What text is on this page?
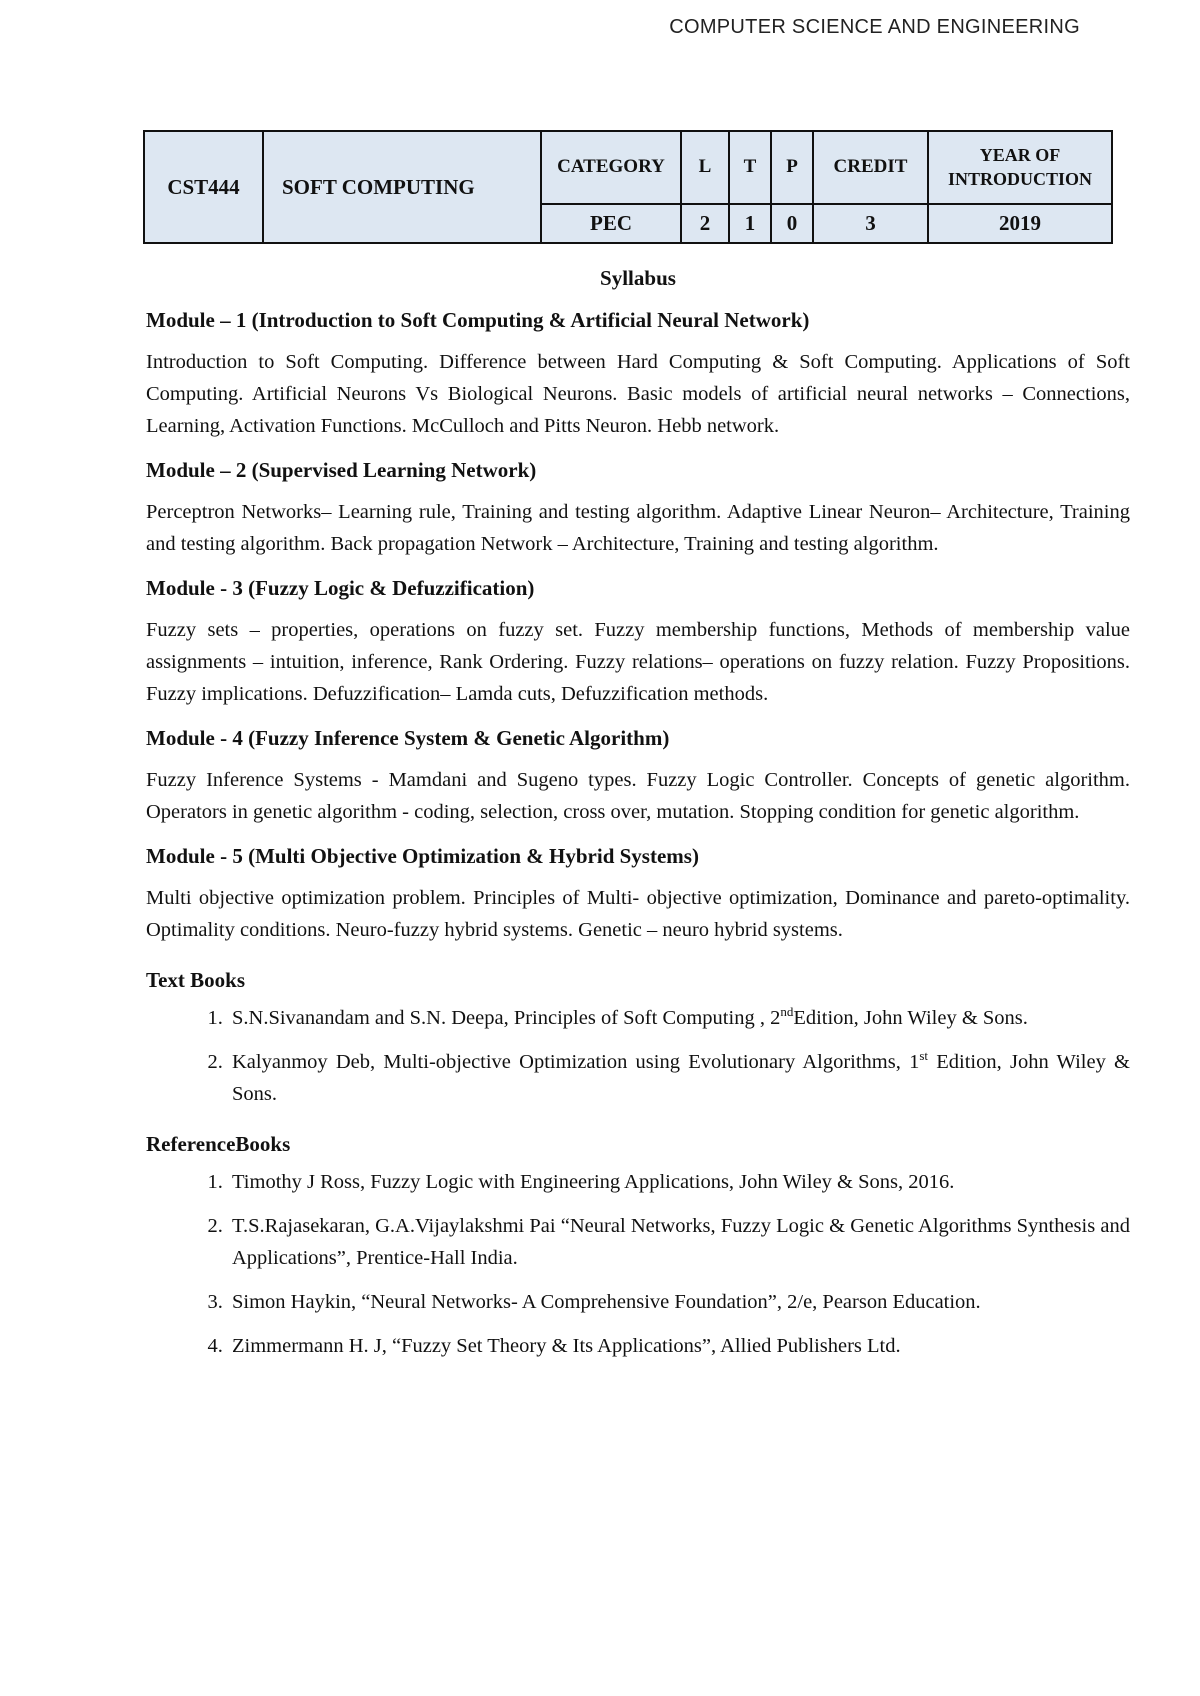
COMPUTER SCIENCE AND ENGINEERING
CST444	SOFT COMPUTING	CATEGORY	L	T	P	CREDIT	YEAR OF
INTRODUCTION
		PEC	2	1	0	3	2019
Syllabus
Module – 1 (Introduction to Soft Computing & Artificial Neural Network)
Introduction to Soft Computing. Difference between Hard Computing & Soft Computing. Applications of Soft Computing. Artificial Neurons Vs Biological Neurons. Basic models of artificial neural networks – Connections, Learning, Activation Functions. McCulloch and Pitts Neuron. Hebb network.
Module – 2 (Supervised Learning Network)
Perceptron Networks– Learning rule, Training and testing algorithm. Adaptive Linear Neuron– Architecture, Training and testing algorithm. Back propagation Network – Architecture, Training and testing algorithm.
Module - 3 (Fuzzy Logic & Defuzzification)
Fuzzy sets – properties, operations on fuzzy set. Fuzzy membership functions, Methods of membership value assignments – intuition, inference, Rank Ordering. Fuzzy relations– operations on fuzzy relation. Fuzzy Propositions. Fuzzy implications. Defuzzification– Lamda cuts, Defuzzification methods.
Module - 4 (Fuzzy Inference System & Genetic Algorithm)
Fuzzy Inference Systems - Mamdani and Sugeno types. Fuzzy Logic Controller. Concepts of genetic algorithm. Operators in genetic algorithm - coding, selection, cross over, mutation. Stopping condition for genetic algorithm.
Module - 5 (Multi Objective Optimization & Hybrid Systems)
Multi objective optimization problem. Principles of Multi- objective optimization, Dominance and pareto-optimality. Optimality conditions. Neuro-fuzzy hybrid systems. Genetic – neuro hybrid systems.
Text Books
1. S.N.Sivanandam and S.N. Deepa, Principles of Soft Computing , 2ndEdition, John Wiley & Sons.
2. Kalyanmoy Deb, Multi-objective Optimization using Evolutionary Algorithms, 1st Edition, John Wiley & Sons.
ReferenceBooks
1. Timothy J Ross, Fuzzy Logic with Engineering Applications, John Wiley & Sons, 2016.
2. T.S.Rajasekaran, G.A.Vijaylakshmi Pai “Neural Networks, Fuzzy Logic & Genetic Algorithms Synthesis and Applications”, Prentice-Hall India.
3. Simon Haykin, “Neural Networks- A Comprehensive Foundation”, 2/e, Pearson Education.
4. Zimmermann H. J, “Fuzzy Set Theory & Its Applications”, Allied Publishers Ltd.
